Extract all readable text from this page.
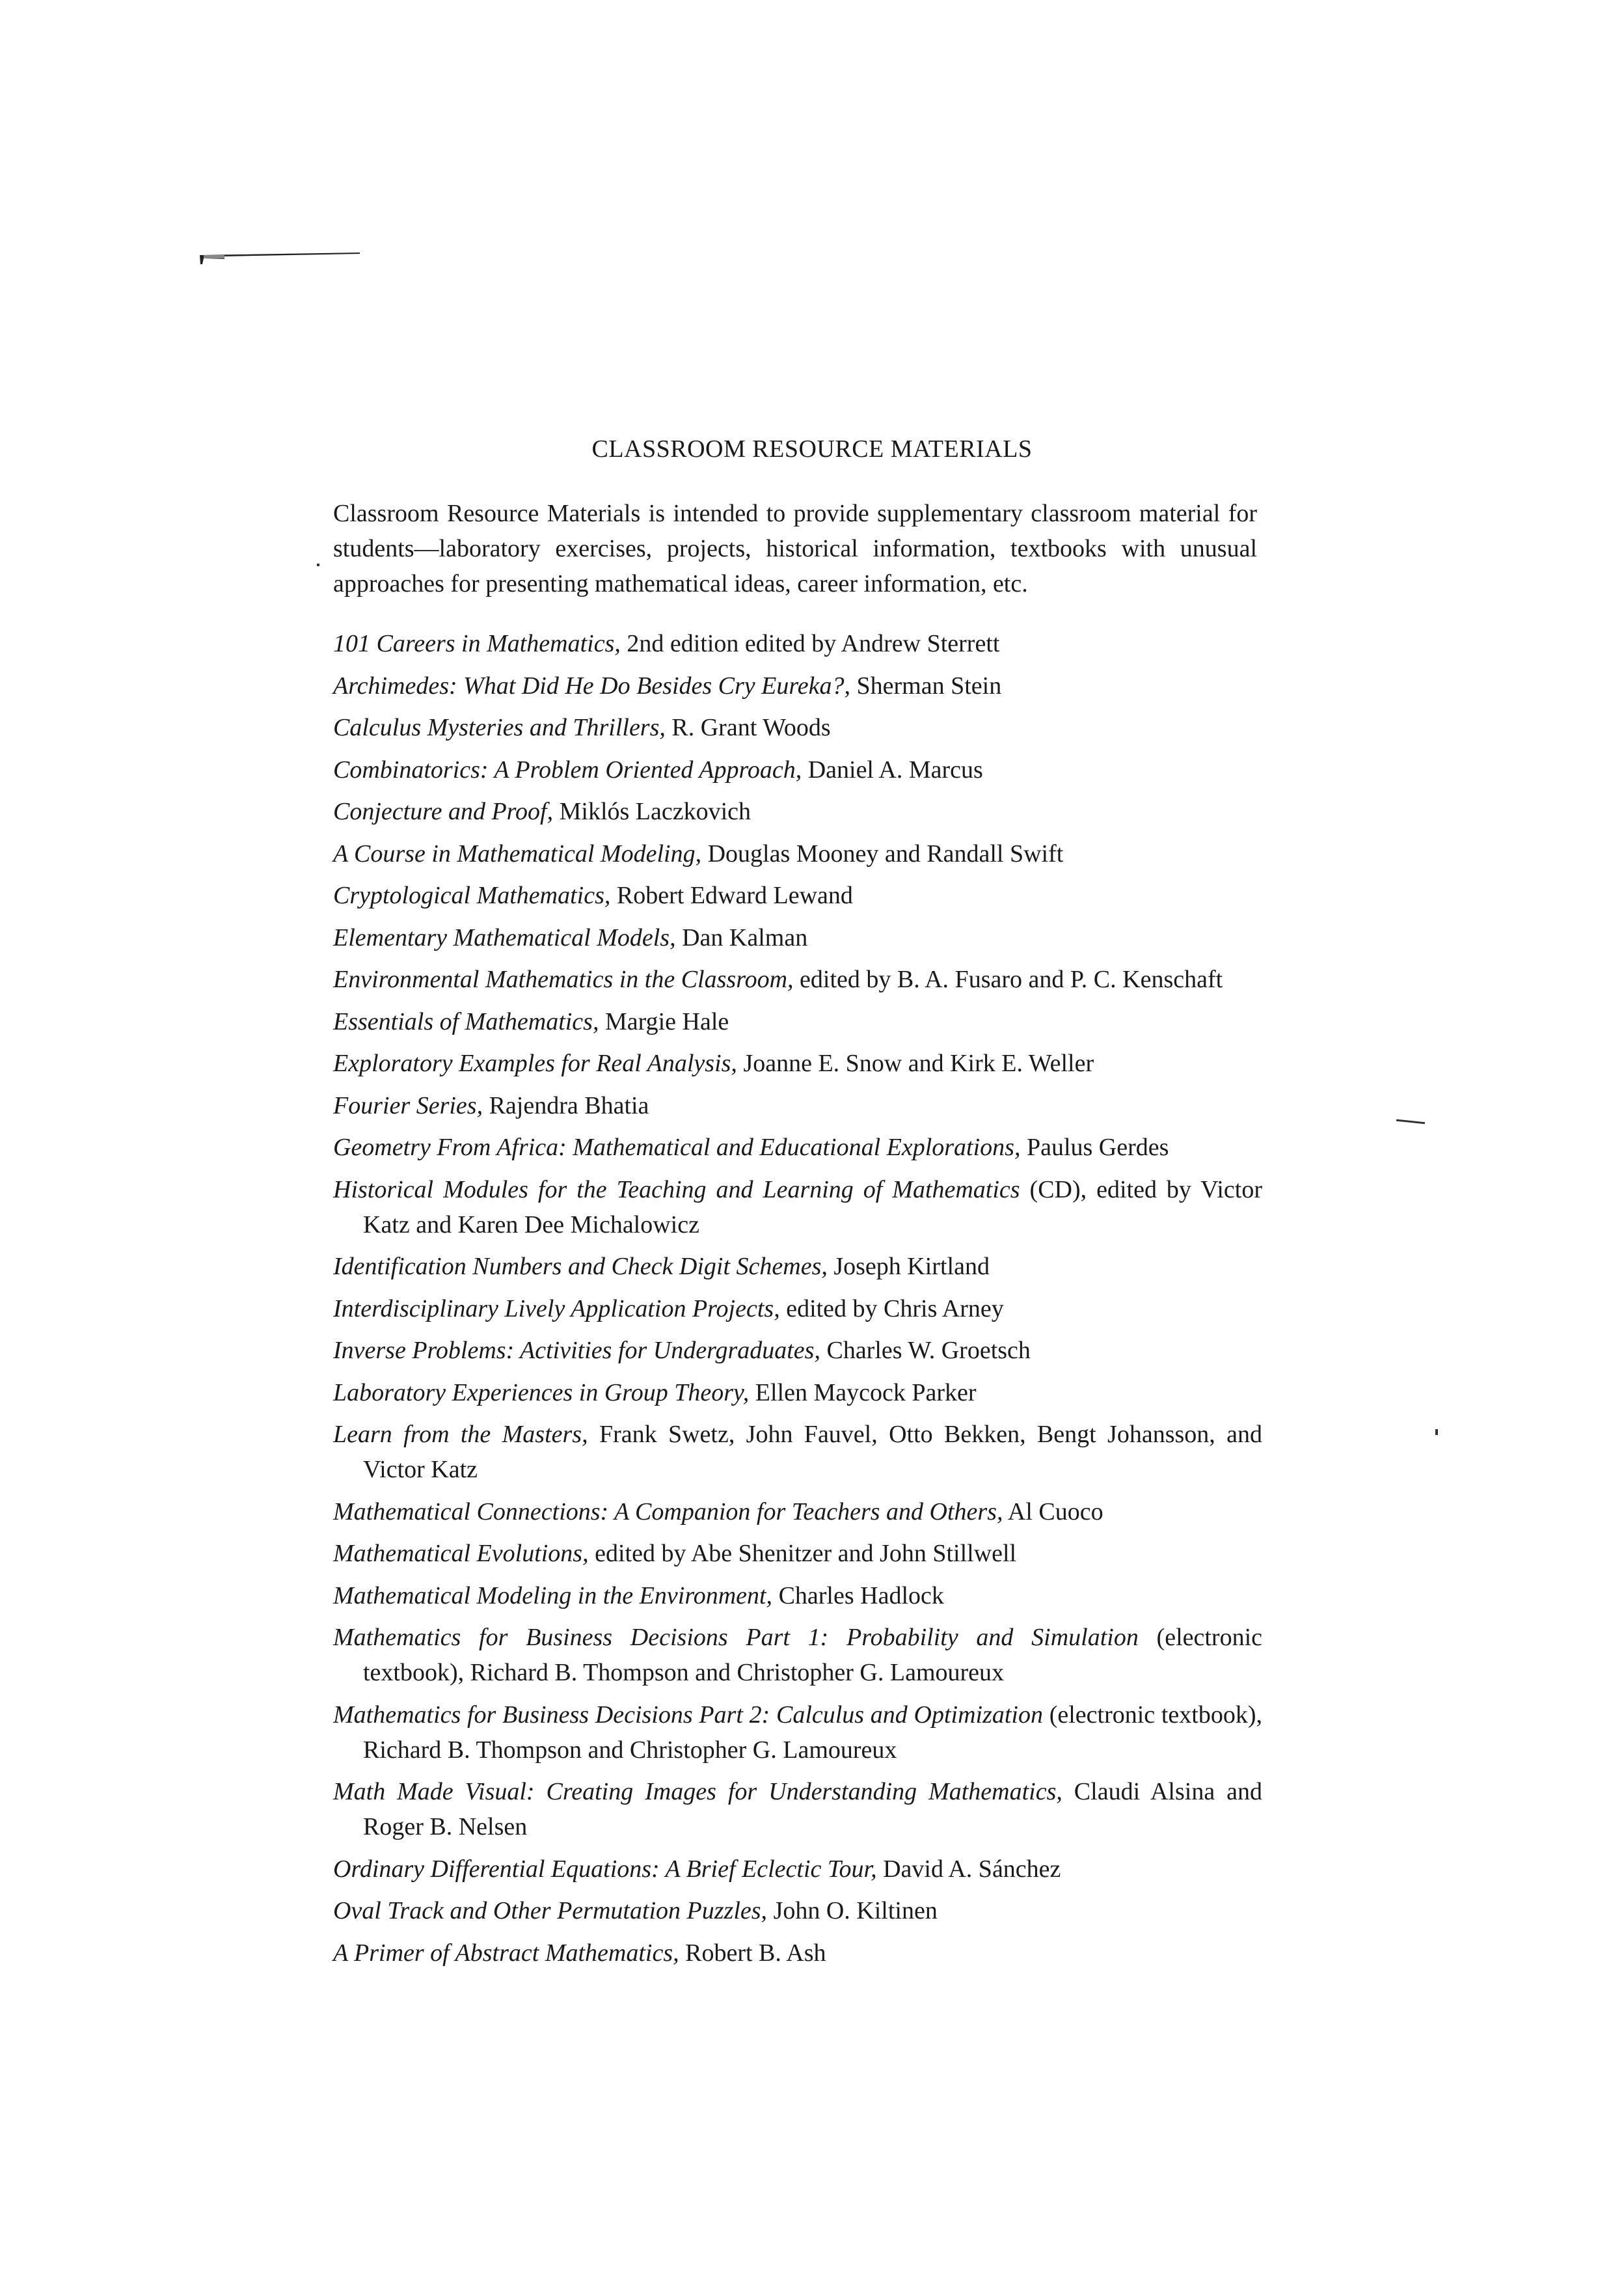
CLASSROOM RESOURCE MATERIALS

Classroom Resource Materials is intended to provide supplementary classroom material for students—laboratory exercises, projects, historical information, textbooks with unusual approaches for presenting mathematical ideas, career information, etc.

101 Careers in Mathematics, 2nd edition edited by Andrew Sterrett
Archimedes: What Did He Do Besides Cry Eureka?, Sherman Stein
Calculus Mysteries and Thrillers, R. Grant Woods
Combinatorics: A Problem Oriented Approach, Daniel A. Marcus
Conjecture and Proof, Miklós Laczkovich
A Course in Mathematical Modeling, Douglas Mooney and Randall Swift
Cryptological Mathematics, Robert Edward Lewand
Elementary Mathematical Models, Dan Kalman
Environmental Mathematics in the Classroom, edited by B. A. Fusaro and P. C. Kenschaft
Essentials of Mathematics, Margie Hale
Exploratory Examples for Real Analysis, Joanne E. Snow and Kirk E. Weller
Fourier Series, Rajendra Bhatia
Geometry From Africa: Mathematical and Educational Explorations, Paulus Gerdes
Historical Modules for the Teaching and Learning of Mathematics (CD), edited by Victor Katz and Karen Dee Michalowicz
Identification Numbers and Check Digit Schemes, Joseph Kirtland
Interdisciplinary Lively Application Projects, edited by Chris Arney
Inverse Problems: Activities for Undergraduates, Charles W. Groetsch
Laboratory Experiences in Group Theory, Ellen Maycock Parker
Learn from the Masters, Frank Swetz, John Fauvel, Otto Bekken, Bengt Johansson, and Victor Katz
Mathematical Connections: A Companion for Teachers and Others, Al Cuoco
Mathematical Evolutions, edited by Abe Shenitzer and John Stillwell
Mathematical Modeling in the Environment, Charles Hadlock
Mathematics for Business Decisions Part 1: Probability and Simulation (electronic textbook), Richard B. Thompson and Christopher G. Lamoureux
Mathematics for Business Decisions Part 2: Calculus and Optimization (electronic textbook), Richard B. Thompson and Christopher G. Lamoureux
Math Made Visual: Creating Images for Understanding Mathematics, Claudi Alsina and Roger B. Nelsen
Ordinary Differential Equations: A Brief Eclectic Tour, David A. Sánchez
Oval Track and Other Permutation Puzzles, John O. Kiltinen
A Primer of Abstract Mathematics, Robert B. Ash
